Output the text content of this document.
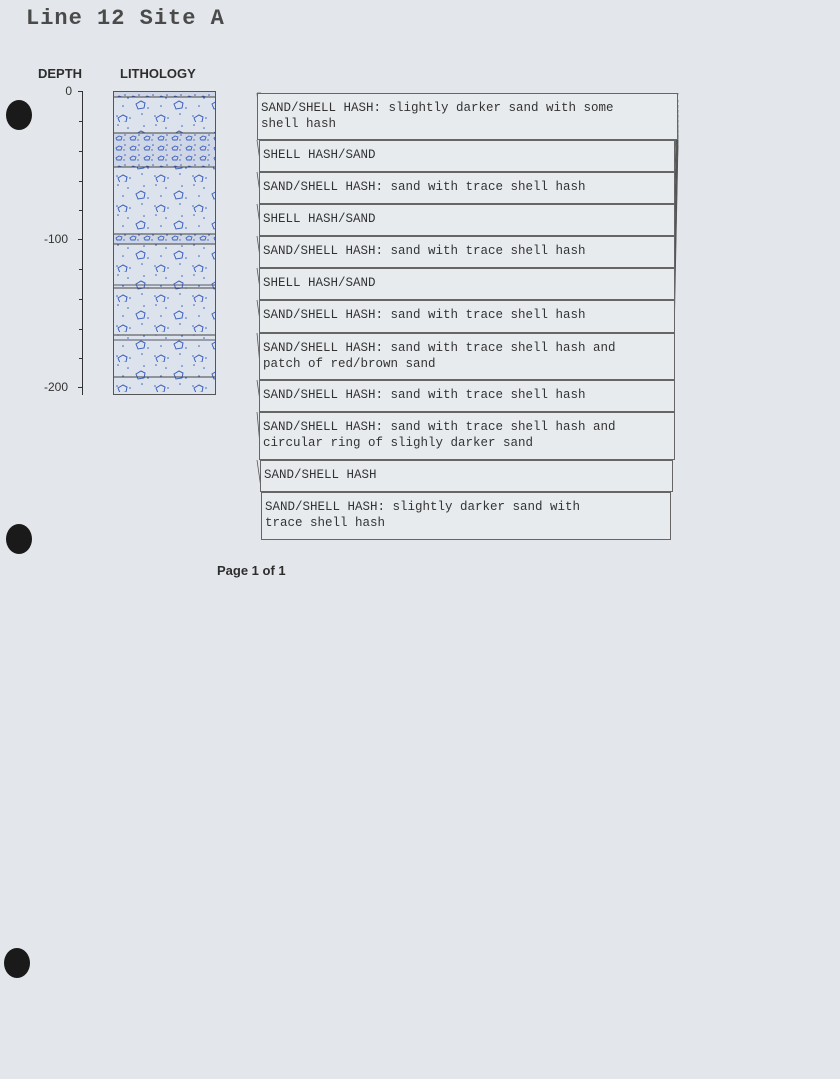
Line 12 Site A
DEPTH	LITHOLOGY
0
-100
-200
SAND/SHELL HASH: slightly darker sand with some
shell hash
SHELL HASH/SAND
SAND/SHELL HASH: sand with trace shell hash
SHELL HASH/SAND
SAND/SHELL HASH: sand with trace shell hash
SHELL HASH/SAND
SAND/SHELL HASH: sand with trace shell hash
SAND/SHELL HASH: sand with trace shell hash and
patch of red/brown sand
SAND/SHELL HASH: sand with trace shell hash
SAND/SHELL HASH: sand with trace shell hash and
circular ring of slighly darker sand
SAND/SHELL HASH
SAND/SHELL HASH: slightly darker sand with
trace shell hash
Page 1 of 1
